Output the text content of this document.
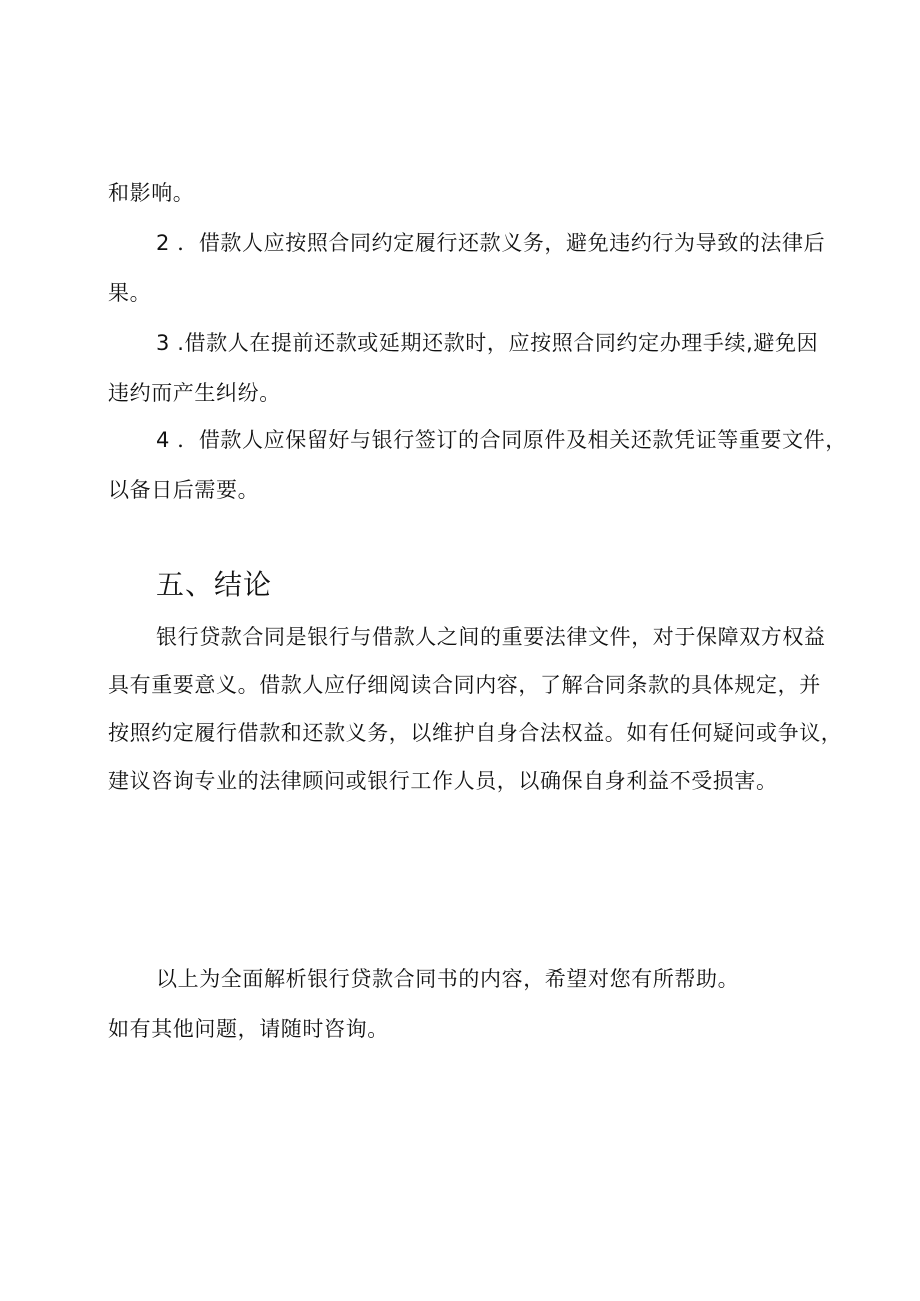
和影响。
2 ．借款人应按照合同约定履行还款义务，避免违约行为导致的法律后
果。
3 .借款人在提前还款或延期还款时，应按照合同约定办理手续,避免因
违约而产生纠纷。
4 ．借款人应保留好与银行签订的合同原件及相关还款凭证等重要文件，
以备日后需要。
五、结论
银行贷款合同是银行与借款人之间的重要法律文件，对于保障双方权益
具有重要意义。借款人应仔细阅读合同内容，了解合同条款的具体规定，并
按照约定履行借款和还款义务，以维护自身合法权益。如有任何疑问或争议，
建议咨询专业的法律顾问或银行工作人员，以确保自身利益不受损害。
以上为全面解析银行贷款合同书的内容，希望对您有所帮助。
如有其他问题，请随时咨询。
